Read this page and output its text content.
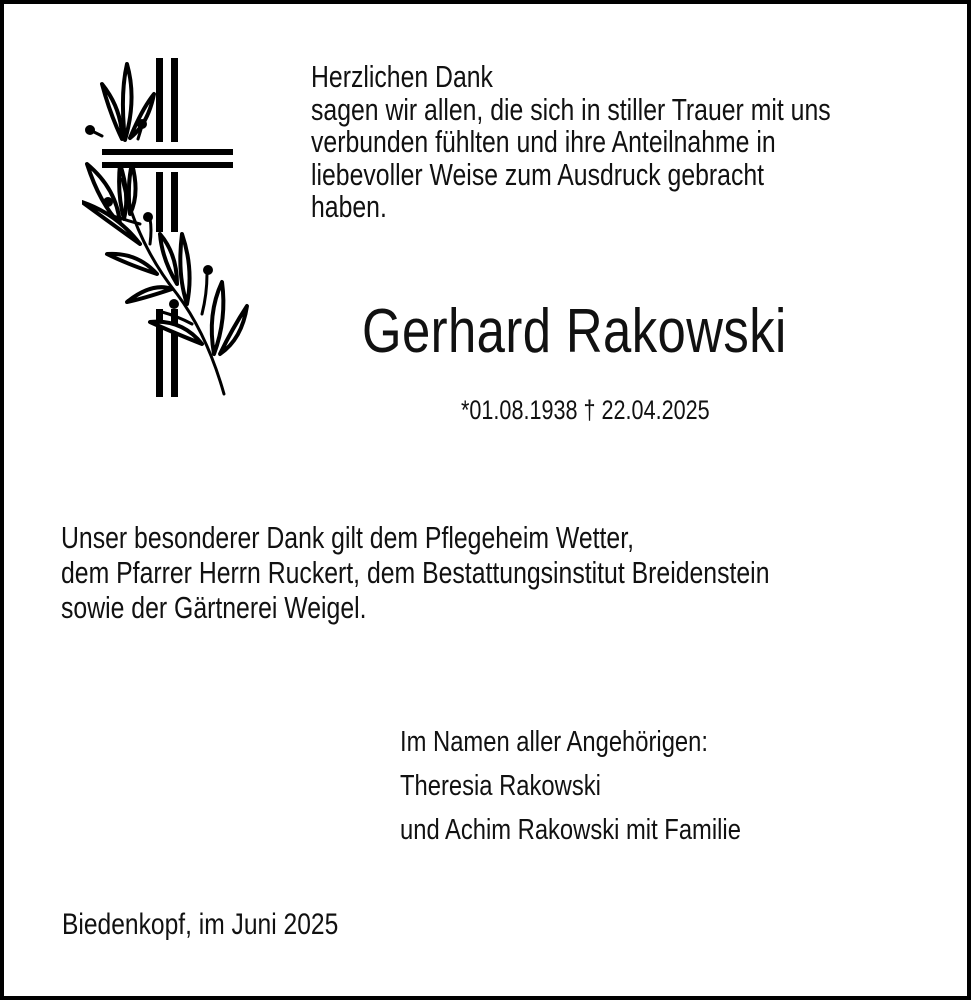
Herzlichen Dank
sagen wir allen, die sich in stiller Trauer mit uns
verbunden fühlten und ihre Anteilnahme in
liebevoller Weise zum Ausdruck gebracht
haben.
Gerhard Rakowski
*01.08.1938 † 22.04.2025
Unser besonderer Dank gilt dem Pflegeheim Wetter,
dem Pfarrer Herrn Ruckert, dem Bestattungsinstitut Breidenstein
sowie der Gärtnerei Weigel.
Im Namen aller Angehörigen:
Theresia Rakowski
und Achim Rakowski mit Familie
Biedenkopf, im Juni 2025
